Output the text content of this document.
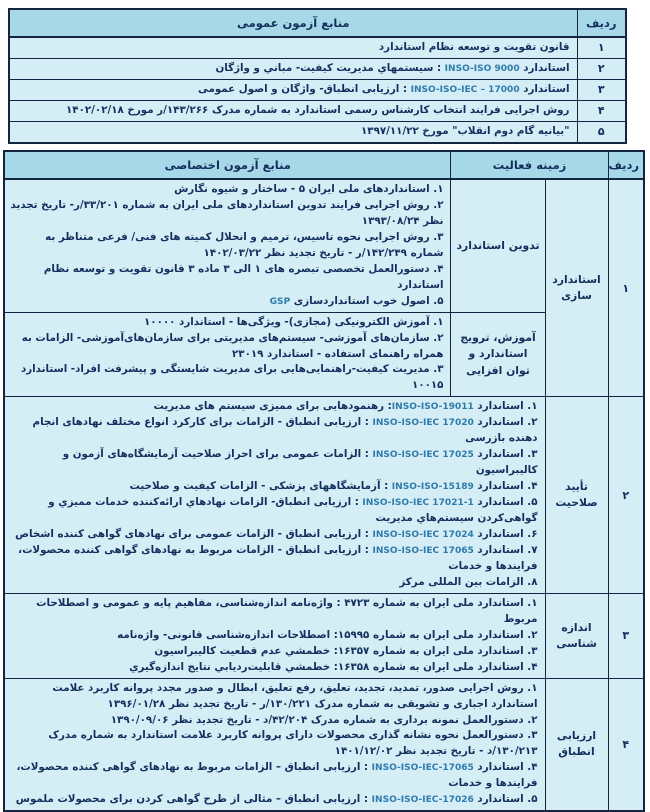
ردیف	منابع آزمون عمومی
۱	قانون تقویت و توسعه نظام استاندارد
۲	استاندارد INSO-ISO 9000 : سیستمهاي مدیریت کیفیت- مباني و واژگان
۳	استاندارد INSO-ISO-IEC – 17000 : ارزیابی انطباق- واژگان و اصول عمومی
۴	روش اجرایی فرایند انتخاب کارشناس رسمی استاندارد به شماره مدرک ۱۴۳/۲۶۶/ر مورخ ۱۴۰۲/۰۲/۱۸
۵	"بیانیه گام دوم انقلاب" مورخ ۱۳۹۷/۱۱/۲۲
ردیف	زمینه فعالیت		منابع آزمون اختصاصی
۱	استاندارد سازی	تدوین استاندارد	۱. استانداردهای ملی ایران ۵ - ساختار و شیوه نگارش
۲. روش اجرایی فرایند تدوین استانداردهای ملی ایران به شماره ۳۳/۲۰۱/ر- تاریخ تجدید نظر ۱۳۹۳/۰۸/۲۴
۳. روش اجرایی نحوه تاسیس، ترمیم و انحلال کمیته های فنی/ فرعی متناظر به شماره ۱۴۲/۲۴۹/ر - تاریخ تجدید نظر ۱۴۰۲/۰۳/۲۲
۴. دستورالعمل تخصصی تبصره های ۱ الی ۳ ماده ۳ قانون تقویت و توسعه نظام استاندارد
۵. اصول خوب استانداردسازی GSP

		آموزش، ترویج استاندارد و توان افزایی	۱. آموزش الکترونیکی (مجازی)- ویژگی‌ها - استاندارد ۱۰۰۰۰
۲. سازمان‌های آموزشی- سیستم‌های مدیریتی برای سازمان‌های‌آموزشی- الزامات به همراه راهنمای استفاده - استاندارد ۲۳۰۱۹
۳. مدیریت کیفیت-راهنمایی‌هایی برای مدیریت شایستگی و پیشرفت افراد- استاندارد ۱۰۰۱۵

۲	تأیید صلاحیت	
۱. استاندارد INSO-ISO-19011: رهنمودهایی برای ممیزی سیستم های مدیریت
۲. استاندارد INSO-ISO-IEC 17020 : ارزیابی انطباق - الزامات برای کارکرد انواع مختلف نهادهای انجام دهنده بازرسی
۳. استاندارد INSO-ISO-IEC 17025 : الزامات عمومی برای احراز صلاحیت آزمایشگاه‌های آزمون و کالیبراسیون
۴. استاندارد INSO-ISO-15189 : آزمایشگاههای پزشکی - الزامات کیفیت و صلاحیت
۵. استاندارد INSO-ISO-IEC 17021-1 : ارزیابی انطباق- الزامات نهادهاي ارائه‌کننده خدمات ممیزي و گواهی‌کردن سیستم‌هاي مدیریت
۶. استاندارد INSO-ISO-IEC 17024 : ارزیابی انطباق - الزامات عمومی برای نهادهای گواهی کننده اشخاص
۷. استاندارد INSO-ISO-IEC 17065 : ارزیابی انطباق - الزامات مربوط به نهادهای گواهی کننده محصولات، فرایندها و خدمات
۸. الزامات بین المللی مرکز

۳	اندازه شناسی	۱. استاندارد ملی ایران به شماره ۴۷۲۳ : واژه‌نامه اندازه‌شناسی، مفاهیم پایه و عمومی و اصطلاحات مربوط
۲. استاندارد ملی ایران به شماره ۱۵۹۹۵: اصطلاحات اندازه‌شناسی قانونی- واژه‌نامه
۳. استاندارد ملی ایران به شماره ۱۶۳۵۷: خطمشي عدم قطعیت کالیبراسیون
۴. استاندارد ملی ایران به شماره ۱۶۳۵۸: خطمشي قابلیت‌ردیابي نتایج اندازه‌گیري	

۴	ارزیابی انطباق	۱. روش اجرایی صدور، تمدید، تجدید، تعلیق، رفع تعلیق، ابطال و صدور مجدد پروانه کاربرد علامت استاندارد اجباری و تشویقی به شماره مدرک ۱۳۰/۲۲۱/ر - تاریخ تجدید نظر ۱۳۹۶/۰۱/۲۸
۲. دستورالعمل نمونه برداری به شماره مدرک ۴۲/۲۰۴/د - تاریخ تجدید نظر ۱۳۹۰/۰۹/۰۶
۳. دستورالعمل نحوه نشانه گذاری محصولات دارای پروانه کاربرد علامت استاندارد به شماره مدرک ۱۳۰/۲۱۳/د - تاریخ تجدید نظر ۱۴۰۱/۱۲/۰۲
۴. استاندارد INSO-ISO-IEC-17065 : ارزیابی انطباق – الزامات مربوط به نهادهای گواهی کننده محصولات، فرایندها و خدمات
۵. استاندارد INSO-ISO-IEC-17026 : ارزیابی انطباق – مثالی از طرح گواهی کردن برای محصولات ملموس	
